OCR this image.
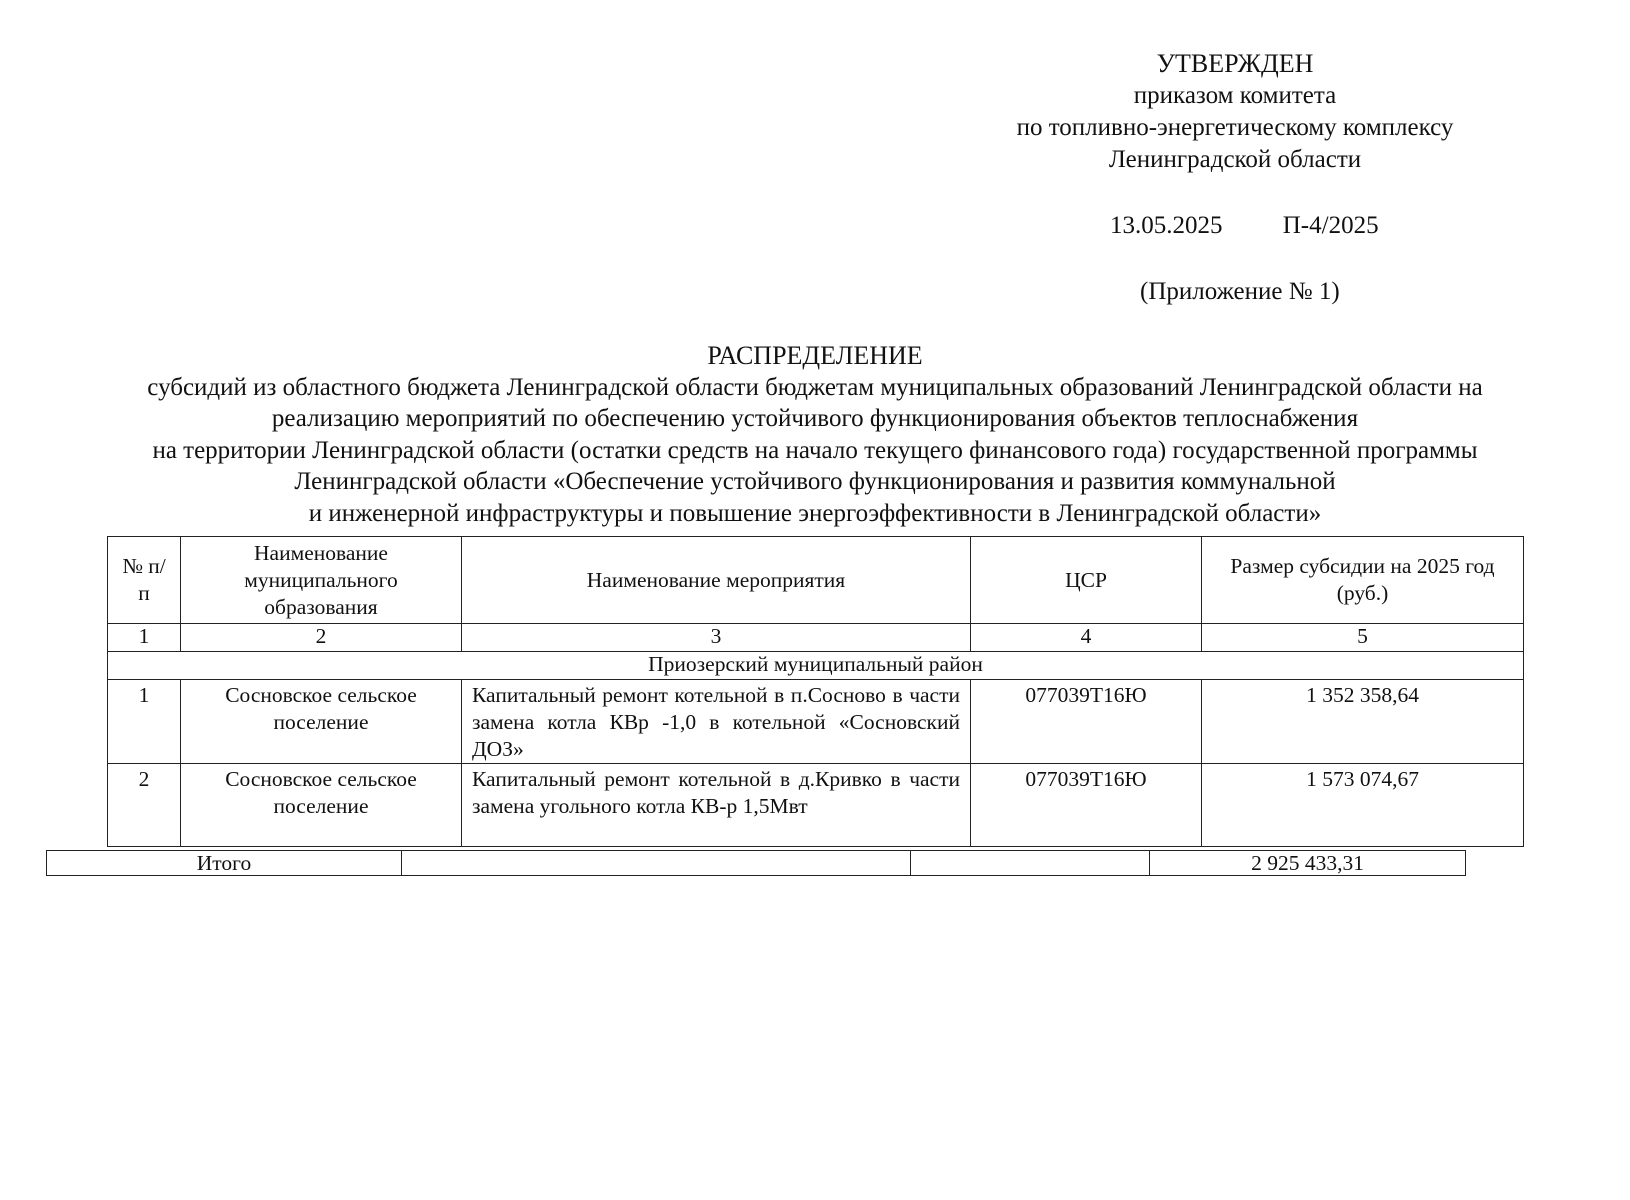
УТВЕРЖДЕН
приказом комитета
по топливно-энергетическому комплексу
Ленинградской области
13.05.2025 П-4/2025
(Приложение № 1)
РАСПРЕДЕЛЕНИЕ
субсидий из областного бюджета Ленинградской области бюджетам муниципальных образований Ленинградской области на
реализацию мероприятий по обеспечению устойчивого функционирования объектов теплоснабжения
на территории Ленинградской области (остатки средств на начало текущего финансового года) государственной программы
Ленинградской области «Обеспечение устойчивого функционирования и развития коммунальной
и инженерной инфраструктуры и повышение энергоэффективности в Ленинградской области»
№ п/п	Наименование муниципального образования	Наименование мероприятия	ЦСР	Размер субсидии на 2025 год (руб.)
1	2	3	4	5
Приозерский муниципальный район				
1	Сосновское сельское поселение	Капитальный ремонт котельной в п.Сосново в части замена котла КВр -1,0 в котельной «Сосновский ДОЗ»	077039Т16Ю	1 352 358,64
2	Сосновское сельское поселение	Капитальный ремонт котельной в д.Кривко в части замена угольного котла КВ-р 1,5Мвт	077039Т16Ю	1 573 074,67
Итого			2 925 433,31
